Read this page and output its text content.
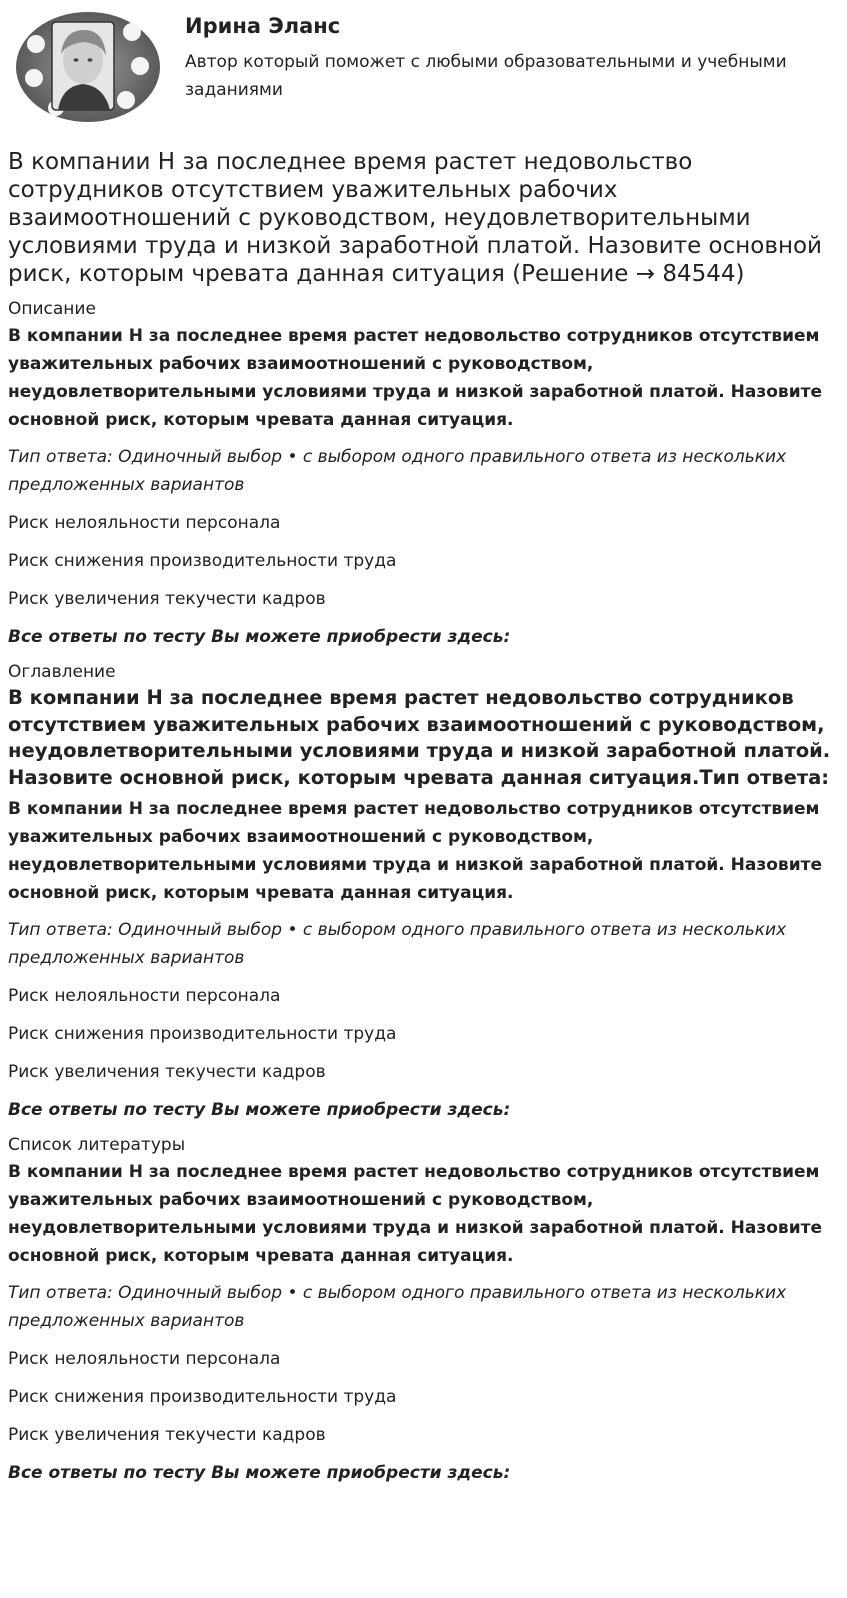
Ирина Эланс
Автор который поможет с любыми образовательными и учебными заданиями
В компании Н за последнее время растет недовольство сотрудников отсутствием уважительных рабочих взаимоотношений с руководством, неудовлетворительными условиями труда и низкой заработной платой. Назовите основной риск, которым чревата данная ситуация (Решение → 84544)
Описание
В компании Н за последнее время растет недовольство сотрудников отсутствием уважительных рабочих взаимоотношений с руководством, неудовлетворительными условиями труда и низкой заработной платой. Назовите основной риск, которым чревата данная ситуация.
Тип ответа: Одиночный выбор • с выбором одного правильного ответа из нескольких предложенных вариантов
Риск нелояльности персонала
Риск снижения производительности труда
Риск увеличения текучести кадров
Все ответы по тесту Вы можете приобрести здесь:
Оглавление
В компании Н за последнее время растет недовольство сотрудников отсутствием уважительных рабочих взаимоотношений с руководством, неудовлетворительными условиями труда и низкой заработной платой. Назовите основной риск, которым чревата данная ситуация.Тип ответа:
В компании Н за последнее время растет недовольство сотрудников отсутствием уважительных рабочих взаимоотношений с руководством, неудовлетворительными условиями труда и низкой заработной платой. Назовите основной риск, которым чревата данная ситуация.
Тип ответа: Одиночный выбор • с выбором одного правильного ответа из нескольких предложенных вариантов
Риск нелояльности персонала
Риск снижения производительности труда
Риск увеличения текучести кадров
Все ответы по тесту Вы можете приобрести здесь:
Список литературы
В компании Н за последнее время растет недовольство сотрудников отсутствием уважительных рабочих взаимоотношений с руководством, неудовлетворительными условиями труда и низкой заработной платой. Назовите основной риск, которым чревата данная ситуация.
Тип ответа: Одиночный выбор • с выбором одного правильного ответа из нескольких предложенных вариантов
Риск нелояльности персонала
Риск снижения производительности труда
Риск увеличения текучести кадров
Все ответы по тесту Вы можете приобрести здесь:
